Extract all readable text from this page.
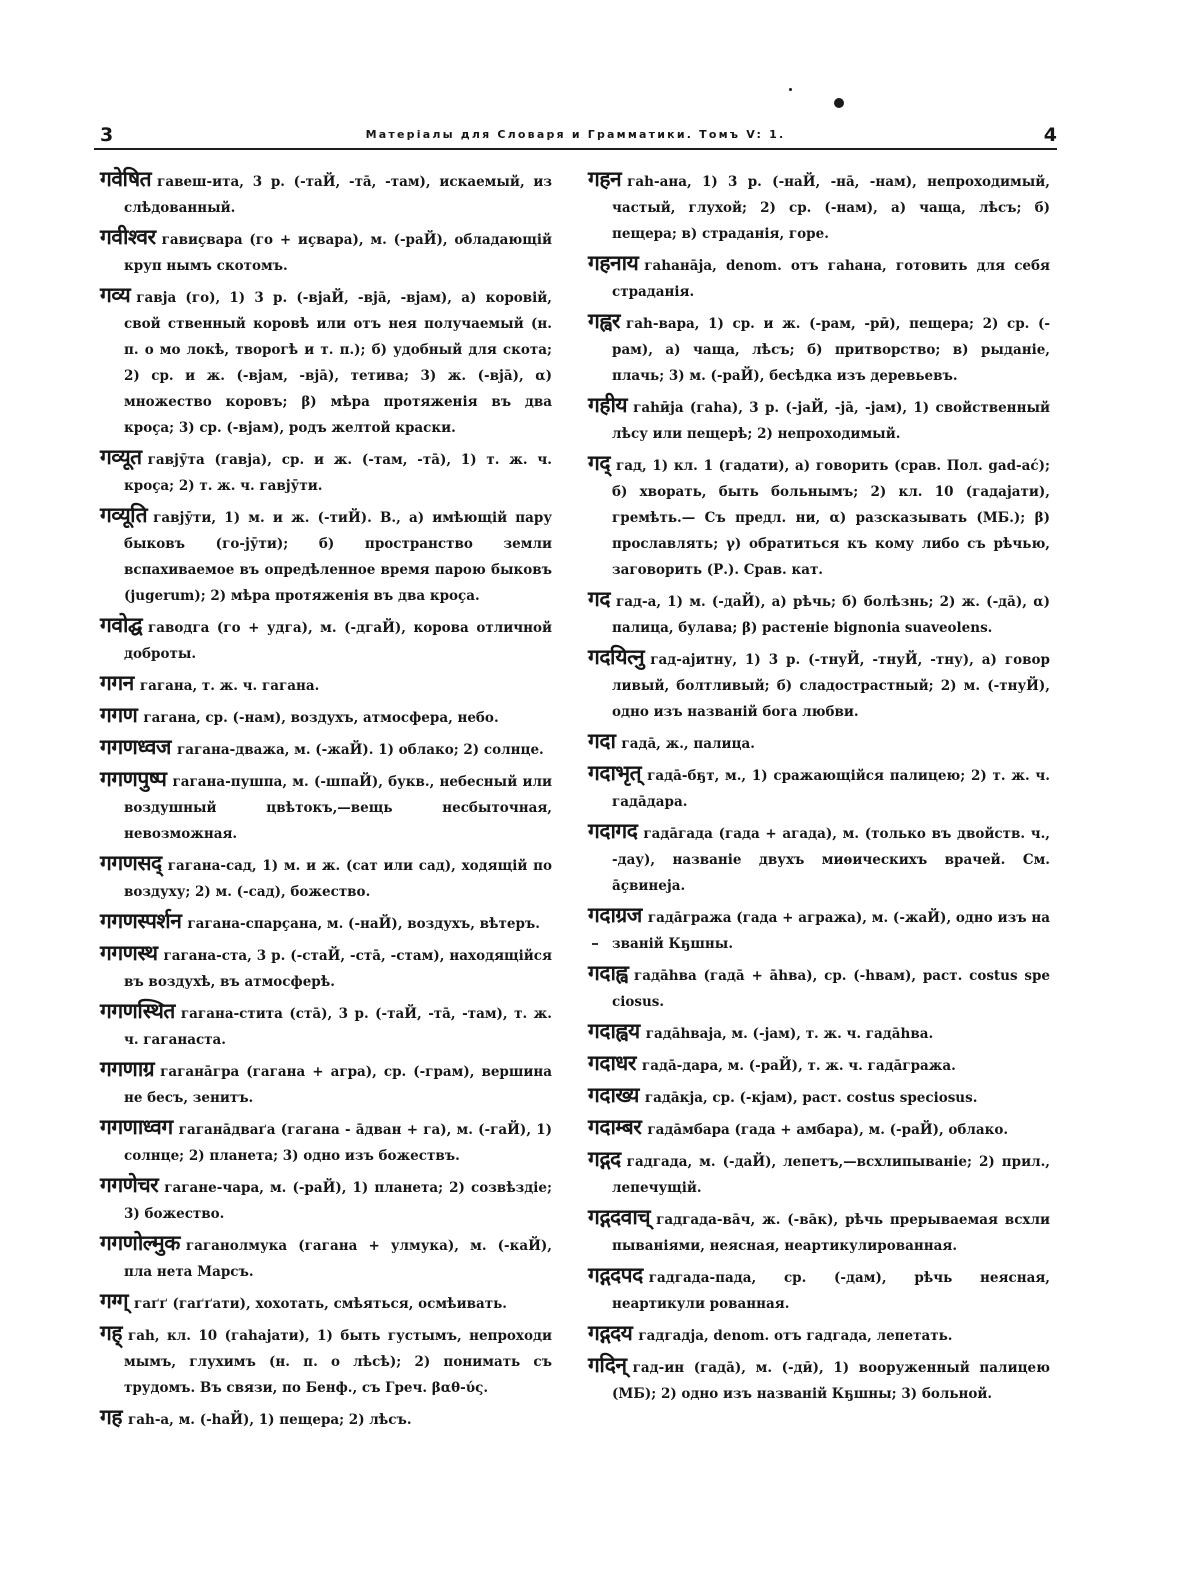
3	Матеріалы для Словаря и Грамматики. Томъ V: 1.	4
गवेषित гавеш-ита, 3 р. (-таЙ, -тā, -там), искаемый, из слѣдованный.
गवीश्वर гавиçвара (го + иçвара), м. (-раЙ), обладающій круп нымъ скотомъ.
गव्य гавја (го), 1) 3 р. (-вјаЙ, -вјā, -вјам), а) коровій, свой ственный коровѣ или отъ нея получаемый (н. п. о мо локѣ, творогѣ и т. п.); б) удобный для скота; 2) ср. и ж. (-вјам, -вјā), тетива; 3) ж. (-вјā), α) множество коровъ; β) мѣра протяженія въ два кроçа; 3) ср. (-вјам), родъ желтой краски.
गव्यूत гавјӯта (гавја), ср. и ж. (-там, -тā), 1) т. ж. ч. кроçа; 2) т. ж. ч. гавјӯти.
गव्यूति гавјӯти, 1) м. и ж. (-тиЙ). В., а) имѣющій пару быковъ (го-јӯти); б) пространство земли вспахиваемое въ опредѣленное время парою быковъ (jugerum); 2) мѣра протяженія въ два кроçа.
गवोद्घ гаводга (го + удга), м. (-дгаЙ), корова отличной доброты.
गगन гагана, т. ж. ч. гагана.
गगण гагана, ср. (-нам), воздухъ, атмосфера, небо.
गगणध्वज гагана-дважа, м. (-жаЙ). 1) облако; 2) солнце.
गगणपुष्प гагана-пушпа, м. (-шпаЙ), букв., небесный или воздушный цвѣтокъ,—вещь несбыточная, невозможная.
गगणसद् гагана-сад, 1) м. и ж. (сат или сад), ходящій по воздуху; 2) м. (-сад), божество.
गगणस्पर्शन гагана-спарçана, м. (-наЙ), воздухъ, вѣтеръ.
गगणस्थ гагана-ста, 3 р. (-стаЙ, -стā, -стам), находящійся въ воздухѣ, въ атмосферѣ.
गगणस्थित гагана-стита (стā), 3 р. (-таЙ, -тā, -там), т. ж. ч. гаганаста.
गगणाग्र гаганāгра (гагана + агра), ср. (-грам), вершина не бесъ, зенитъ.
गगणाध्वग гаганāдваґа (гагана - āдван + га), м. (-гаЙ), 1) солнце; 2) планета; 3) одно изъ божествъ.
गगणेचर гагане-чара, м. (-раЙ), 1) планета; 2) созвѣздіе; 3) божество.
गगणोल्मुक гаганолмука (гагана + улмука), м. (-каЙ), пла нета Марсъ.
गग्ग् гаґґ (гаґґати), хохотать, смѣяться, осмѣивать.
गह् гаh, кл. 10 (гаhајати), 1) быть густымъ, непроходи мымъ, глухимъ (н. п. о лѣсѣ); 2) понимать съ трудомъ. Въ связи, по Бенф., съ Греч. βαθ-ύς.
गह гаh-а, м. (-hаЙ), 1) пещера; 2) лѣсъ.
गहन гаh-ана, 1) 3 р. (-наЙ, -нā, -нам), непроходимый, частый, глухой; 2) ср. (-нам), а) чаща, лѣсъ; б) пещера; в) страданія, горе.
गहनाय гаhанāја, denom. отъ гаhана, готовить для себя страданія.
गह्वर гаh-вара, 1) ср. и ж. (-рам, -рӣ), пещера; 2) ср. (-рам), а) чаща, лѣсъ; б) притворство; в) рыданіе, плачь; 3) м. (-раЙ), бесѣдка изъ деревьевъ.
गहीय гаhӣја (гаhа), 3 р. (-јаЙ, -јā, -јам), 1) свойственный лѣсу или пещерѣ; 2) непроходимый.
गद् гад, 1) кл. 1 (гадати), а) говорить (срав. Пол. gad-ać); б) хворать, быть больнымъ; 2) кл. 10 (гадајати), гремѣть.— Съ предл. ни, α) разсказывать (МБ.); β) прославлять; γ) обратиться къ кому либо съ рѣчью, заговорить (Р.). Срав. кат.
गद гад-а, 1) м. (-даЙ), а) рѣчь; б) болѣзнь; 2) ж. (-дā), α) палица, булава; β) растеніе bignonia suaveolens.
गदयित्नु гад-ајитну, 1) 3 р. (-тнуЙ, -тнуЙ, -тну), а) говор ливый, болтливый; б) сладострастный; 2) м. (-тнуЙ), одно изъ названій бога любви.
गदा гадā, ж., палица.
गदाभृत् гадā-бҕт, м., 1) сражающійся палицею; 2) т. ж. ч. гадāдара.
गदागद гадāгада (гада + агада), м. (только въ двойств. ч., -дау), названіе двухъ миѳическихъ врачей. См. āçвинеја.
गदाग्रज гадāгража (гада + агража), м. (-жаЙ), одно изъ на званій Кҕшны.
गदाह्व гадāhва (гадā + āhва), ср. (-hвам), раст. costus spe ciosus.
गदाह्वय гадāhваја, м. (-јам), т. ж. ч. гадāhва.
गदाधर гадā-дара, м. (-раЙ), т. ж. ч. гадāгража.
गदाख्य гадāкја, ср. (-кјам), раст. costus speciosus.
गदाम्बर гадāмбара (гада + амбара), м. (-раЙ), облако.
गद्गद гадгада, м. (-даЙ), лепетъ,—всхлипываніе; 2) прил., лепечущій.
गद्गदवाच् гадгада-вāч, ж. (-вāк), рѣчь прерываемая всхли пываніями, неясная, неартикулированная.
गद्गदपद гадгада-пада, ср. (-дам), рѣчь неясная, неартикули рованная.
गद्गदय гадгадја, denom. отъ гадгада, лепетать.
गदिन् гад-ин (гадā), м. (-дӣ), 1) вооруженный палицею (МБ); 2) одно изъ названій Кҕшны; 3) больной.
